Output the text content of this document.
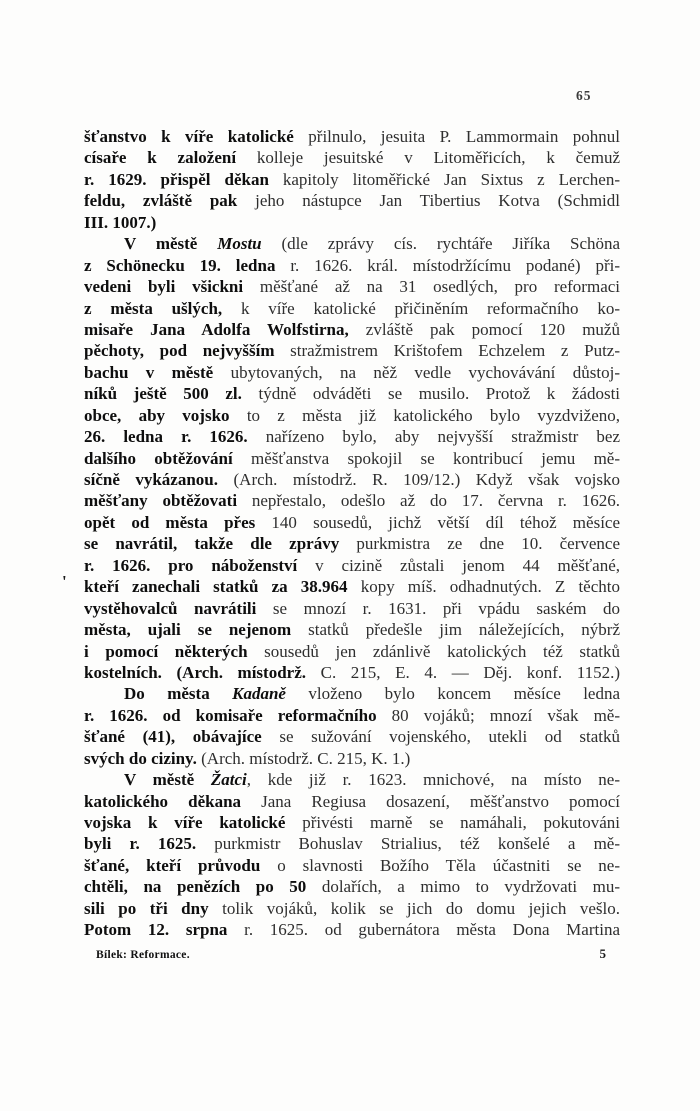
65
'
šťanstvo k víře katolické přilnulo, jesuita P. Lammormain pohnul
císaře k založení kolleje jesuitské v Litoměřicích, k čemuž
r. 1629. přispěl děkan kapitoly litoměřické Jan Sixtus z Lerchen-
feldu, zvláště pak jeho nástupce Jan Tibertius Kotva (Schmidl
III. 1007.)
V městě Mostu (dle zprávy cís. rychtáře Jiříka Schöna
z Schönecku 19. ledna r. 1626. král. místodržícímu podané) při-
vedeni byli všickni měšťané až na 31 osedlých, pro reformaci
z města ušlých, k víře katolické přičiněním reformačního ko-
misaře Jana Adolfa Wolfstirna, zvláště pak pomocí 120 mužů
pěchoty, pod nejvyšším stražmistrem Krištofem Echzelem z Putz-
bachu v městě ubytovaných, na něž vedle vychovávání důstoj-
níků ještě 500 zl. týdně odváděti se musilo. Protož k žádosti
obce, aby vojsko to z města již katolického bylo vyzdviženo,
26. ledna r. 1626. nařízeno bylo, aby nejvyšší stražmistr bez
dalšího obtěžování měšťanstva spokojil se kontribucí jemu mě-
síčně vykázanou. (Arch. místodrž. R. 109/12.) Když však vojsko
měšťany obtěžovati nepřestalo, odešlo až do 17. června r. 1626.
opět od města přes 140 sousedů, jichž větší díl téhož měsíce
se navrátil, takže dle zprávy purkmistra ze dne 10. července
r. 1626. pro náboženství v cizině zůstali jenom 44 měšťané,
kteří zanechali statků za 38.964 kopy míš. odhadnutých. Z těchto
vystěhovalců navrátili se mnozí r. 1631. při vpádu saském do
města, ujali se nejenom statků předešle jim náležejících, nýbrž
i pomocí některých sousedů jen zdánlivě katolických též statků
kostelních. (Arch. místodrž. C. 215, E. 4. — Děj. konf. 1152.)
Do města Kadaně vloženo bylo koncem měsíce ledna
r. 1626. od komisaře reformačního 80 vojáků; mnozí však mě-
šťané (41), obávajíce se sužování vojenského, utekli od statků
svých do ciziny. (Arch. místodrž. C. 215, K. 1.)
V městě Žatci, kde již r. 1623. mnichové, na místo ne-
katolického děkana Jana Regiusa dosazení, měšťanstvo pomocí
vojska k víře katolické přivésti marně se namáhali, pokutováni
byli r. 1625. purkmistr Bohuslav Strialius, též konšelé a mě-
šťané, kteří průvodu o slavnosti Božího Těla účastniti se ne-
chtěli, na penězích po 50 dolařích, a mimo to vydržovati mu-
sili po tři dny tolik vojáků, kolik se jich do domu jejich vešlo.
Potom 12. srpna r. 1625. od gubernátora města Dona Martina
Bílek: Reformace.	5
